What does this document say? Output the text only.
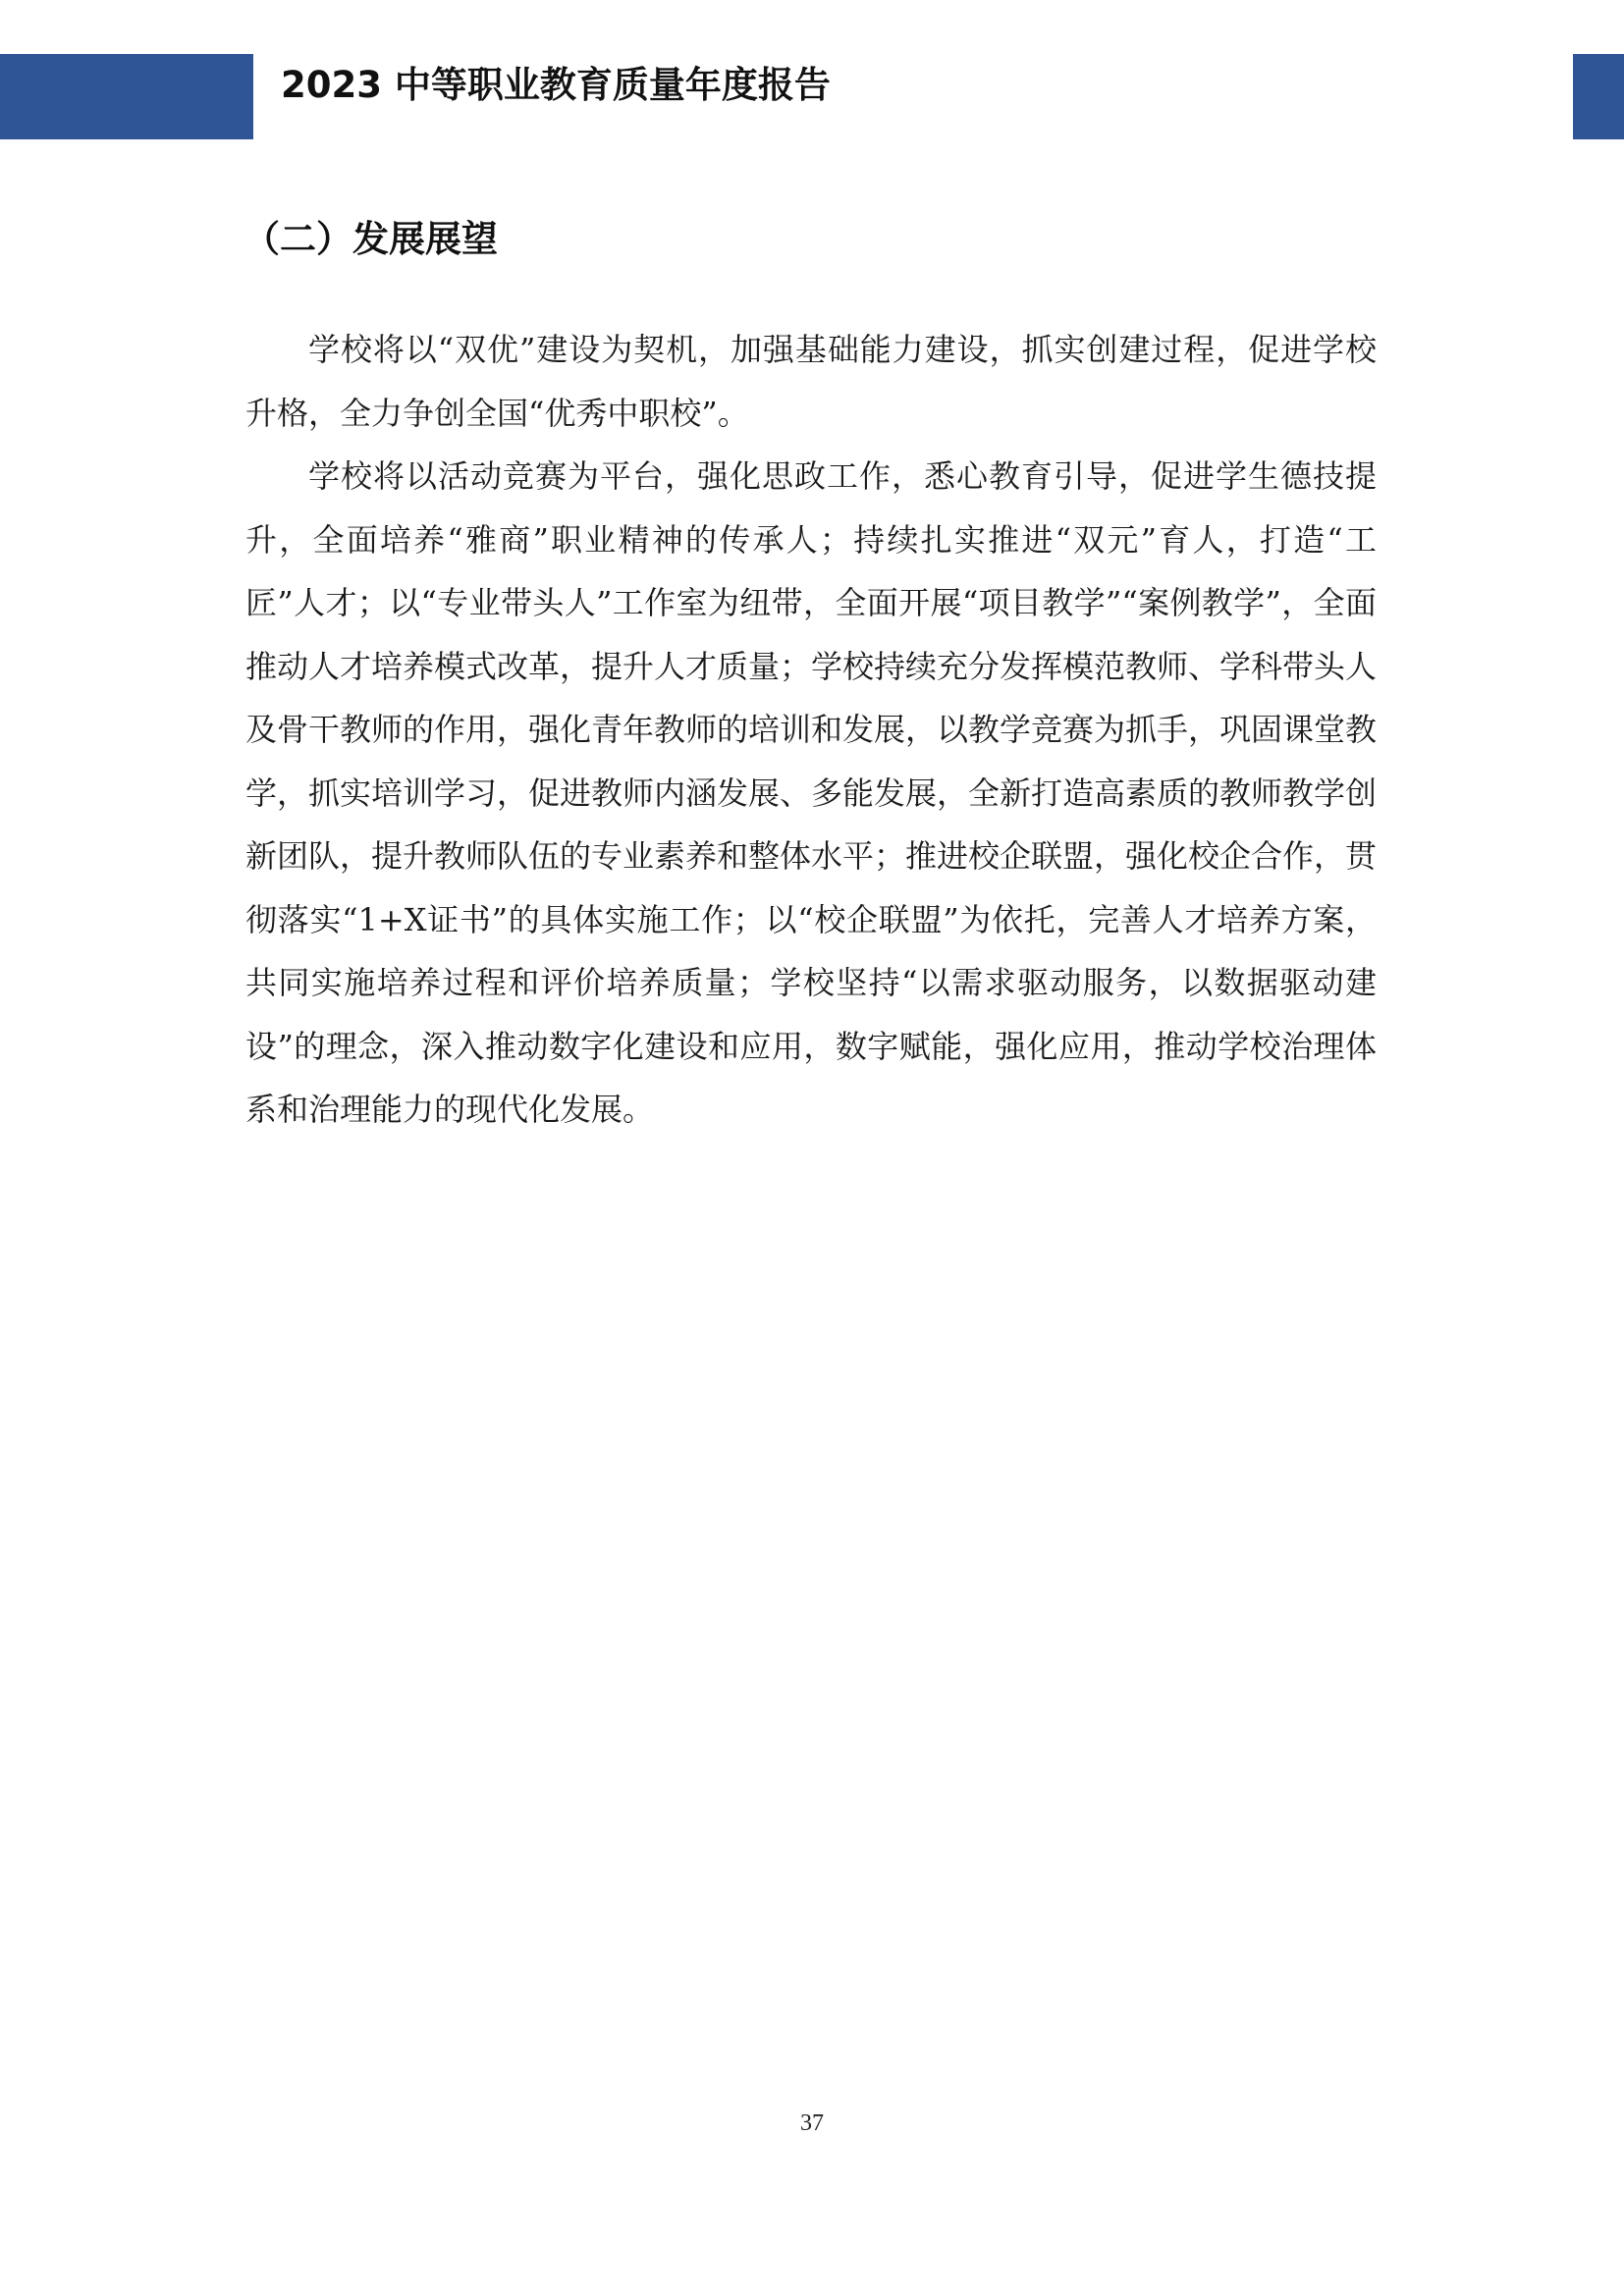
2023 中等职业教育质量年度报告
（二）发展展望

学校将以“双优”建设为契机，加强基础能力建设，抓实创建过程，促进学校升格，全力争创全国“优秀中职校”。

学校将以活动竞赛为平台，强化思政工作，悉心教育引导，促进学生德技提升，全面培养“雅商”职业精神的传承人；持续扎实推进“双元”育人，打造“工匠”人才；以“专业带头人”工作室为纽带，全面开展“项目教学”“案例教学”，全面推动人才培养模式改革，提升人才质量；学校持续充分发挥模范教师、学科带头人及骨干教师的作用，强化青年教师的培训和发展，以教学竞赛为抓手，巩固课堂教学，抓实培训学习，促进教师内涵发展、多能发展，全新打造高素质的教师教学创新团队，提升教师队伍的专业素养和整体水平；推进校企联盟，强化校企合作，贯彻落实“1+X证书”的具体实施工作；以“校企联盟”为依托，完善人才培养方案，共同实施培养过程和评价培养质量；学校坚持“以需求驱动服务，以数据驱动建设”的理念，深入推动数字化建设和应用，数字赋能，强化应用，推动学校治理体系和治理能力的现代化发展。

37
